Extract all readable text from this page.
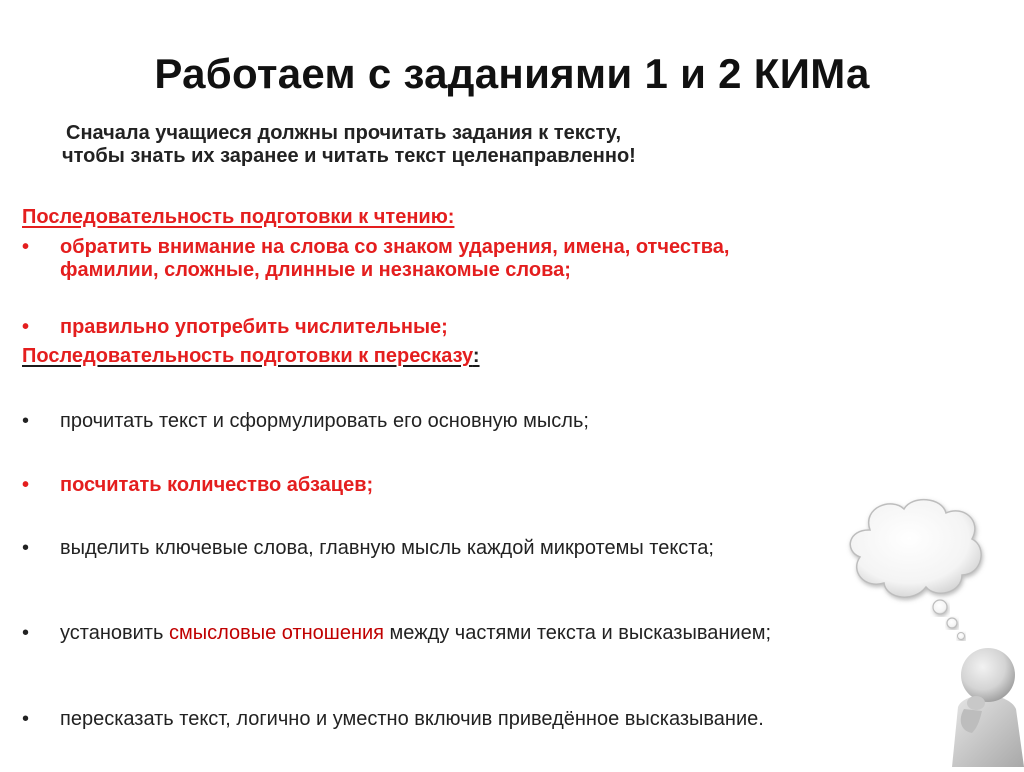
Работаем с заданиями 1 и 2 КИМа
Сначала учащиеся должны прочитать задания к тексту,
чтобы знать их заранее и читать текст целенаправленно!
Последовательность подготовки к чтению:
• обратить внимание на слова со знаком ударения, имена, отчества, фамилии, сложные, длинные и незнакомые слова;
• правильно употребить числительные;
Последовательность подготовки к пересказу:
• прочитать текст и сформулировать его основную мысль;
• посчитать количество абзацев;
• выделить ключевые слова, главную мысль каждой микротемы текста;
• установить смысловые отношения между частями текста и высказыванием;
• пересказать текст, логично и уместно включив приведённое высказывание.
